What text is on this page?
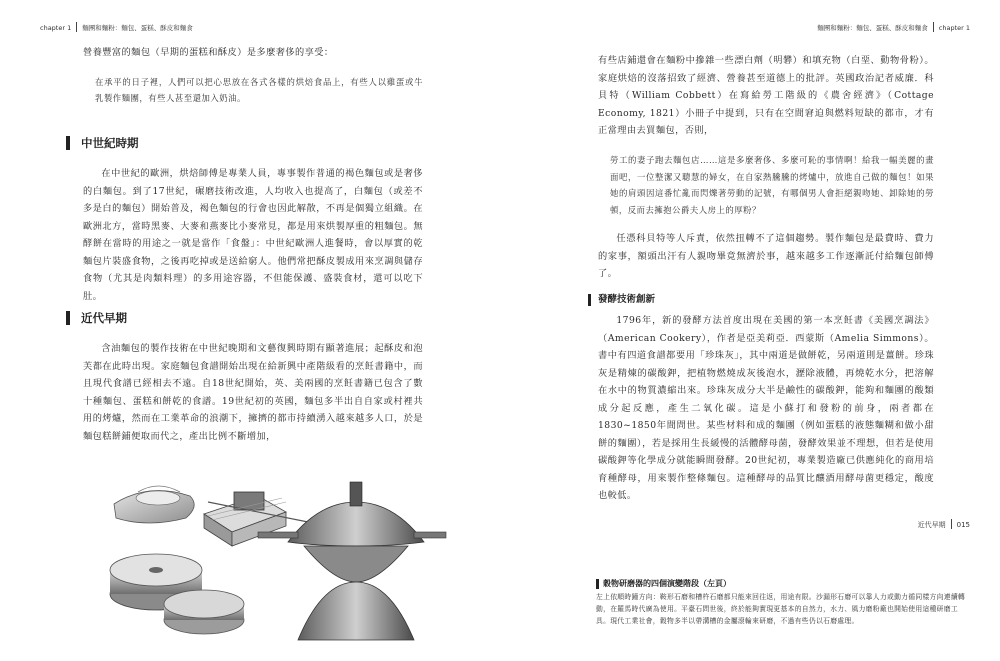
chapter 1 麵團和麵粉：麵包、蛋糕、酥皮和麵食

營養豐富的麵包（早期的蛋糕和酥皮）是多麼奢侈的享受：

在承平的日子裡，人們可以把心思放在各式各樣的烘焙食品上，有些人以雞蛋或牛乳製作麵團，有些人甚至還加入奶油。

中世紀時期

在中世紀的歐洲，烘焙師傅是專業人員，專事製作普通的褐色麵包或是奢侈的白麵包。到了17世紀，碾磨技術改進，人均收入也提高了，白麵包（或差不多是白的麵包）開始普及，褐色麵包的行會也因此解散，不再是個獨立組織。在歐洲北方，當時黑麥、大麥和燕麥比小麥常見，都是用來烘製厚重的粗麵包。無酵餅在當時的用途之一就是當作「食盤」：中世紀歐洲人進餐時，會以厚實的乾麵包片裝盛食物，之後再吃掉或是送給窮人。他們常把酥皮製成用來烹調與儲存食物（尤其是肉類料理）的多用途容器，不但能保護、盛裝食材，還可以吃下肚。

近代早期

含油麵包的製作技術在中世紀晚期和文藝復興時期有顯著進展；起酥皮和泡芙都在此時出現。家庭麵包食譜開始出現在給新興中產階級看的烹飪書籍中，而且現代食譜已經相去不遠。自18世紀開始，英、美兩國的烹飪書籍已包含了數十種麵包、蛋糕和餅乾的食譜。19世紀初的英國，麵包多半出自自家或村裡共用的烤爐，然而在工業革命的浪潮下，擁擠的都市持續湧入越來越多人口，於是麵包糕餅鋪便取而代之，產出比例不斷增加，

麵團和麵粉：麵包、蛋糕、酥皮和麵食 chapter 1

有些店鋪還會在麵粉中摻雜一些漂白劑（明礬）和填充物（白堊、動物骨粉）。家庭烘焙的沒落招致了經濟、營養甚至道德上的批評。英國政治記者威廉．科貝特（William Cobbett）在寫給勞工階級的《農舍經濟》（Cottage Economy, 1821）小冊子中提到，只有在空間窘迫與燃料短缺的都市，才有正當理由去買麵包，否則，

勞工的妻子跑去麵包店……這是多麼奢侈、多麼可恥的事情啊！給我一幅美麗的畫面吧，一位整潔又聰慧的婦女，在自家熱騰騰的烤爐中，放進自己做的麵包！如果她的肩頭因這番忙亂而閃爍著勞動的記號，有哪個男人會拒絕親吻她、卸除她的勞頓，反而去擁抱公爵夫人房上的厚粉？

任憑科貝特等人斥責，依然扭轉不了這個趨勢。製作麵包是最費時、費力的家事，額頭出汗有人親吻畢竟無濟於事，越來越多工作逐漸託付給麵包師傅了。

發酵技術創新

1796年，新的發酵方法首度出現在美國的第一本烹飪書《美國烹調法》（American Cookery），作者是亞美莉亞．西蒙斯（Amelia Simmons）。書中有四道食譜都要用「珍珠灰」，其中兩道是做餅乾，另兩道則是薑餅。珍珠灰是精煉的碳酸鉀，把植物燃燒成灰後泡水，瀝除液體，再燒乾水分，把溶解在水中的物質濃縮出來。珍珠灰成分大半是鹼性的碳酸鉀，能夠和麵團的酸類成分起反應，產生二氧化碳。這是小蘇打和發粉的前身，兩者都在1830~1850年間問世。某些材料和成的麵團（例如蛋糕的液態麵糊和做小甜餅的麵團），若是採用生長緩慢的活體酵母菌，發酵效果並不理想，但若是使用碳酸鉀等化學成分就能瞬間發酵。20世紀初，專業製造廠已供應純化的商用培育種酵母，用來製作整條麵包。這種酵母的品質比釀酒用酵母菌更穩定，酸度也較低。

近代早期 015
穀物研磨器的四個演變階段（左頁）
左上依順時鐘方向：鞍形石磨和槽杵石磨都只能來回往返，用途有限。沙漏形石磨可以靠人力或動力循同樣方向連續轉動，在羅馬時代廣為使用。平臺石問世後，終於能夠實現更基本的自然力，水力、風力磨粉廠也開始使用這種研磨工具。現代工業社會，穀物多半以帶溝槽的金屬滾輪來研磨，不過有些仍以石磨處理。
